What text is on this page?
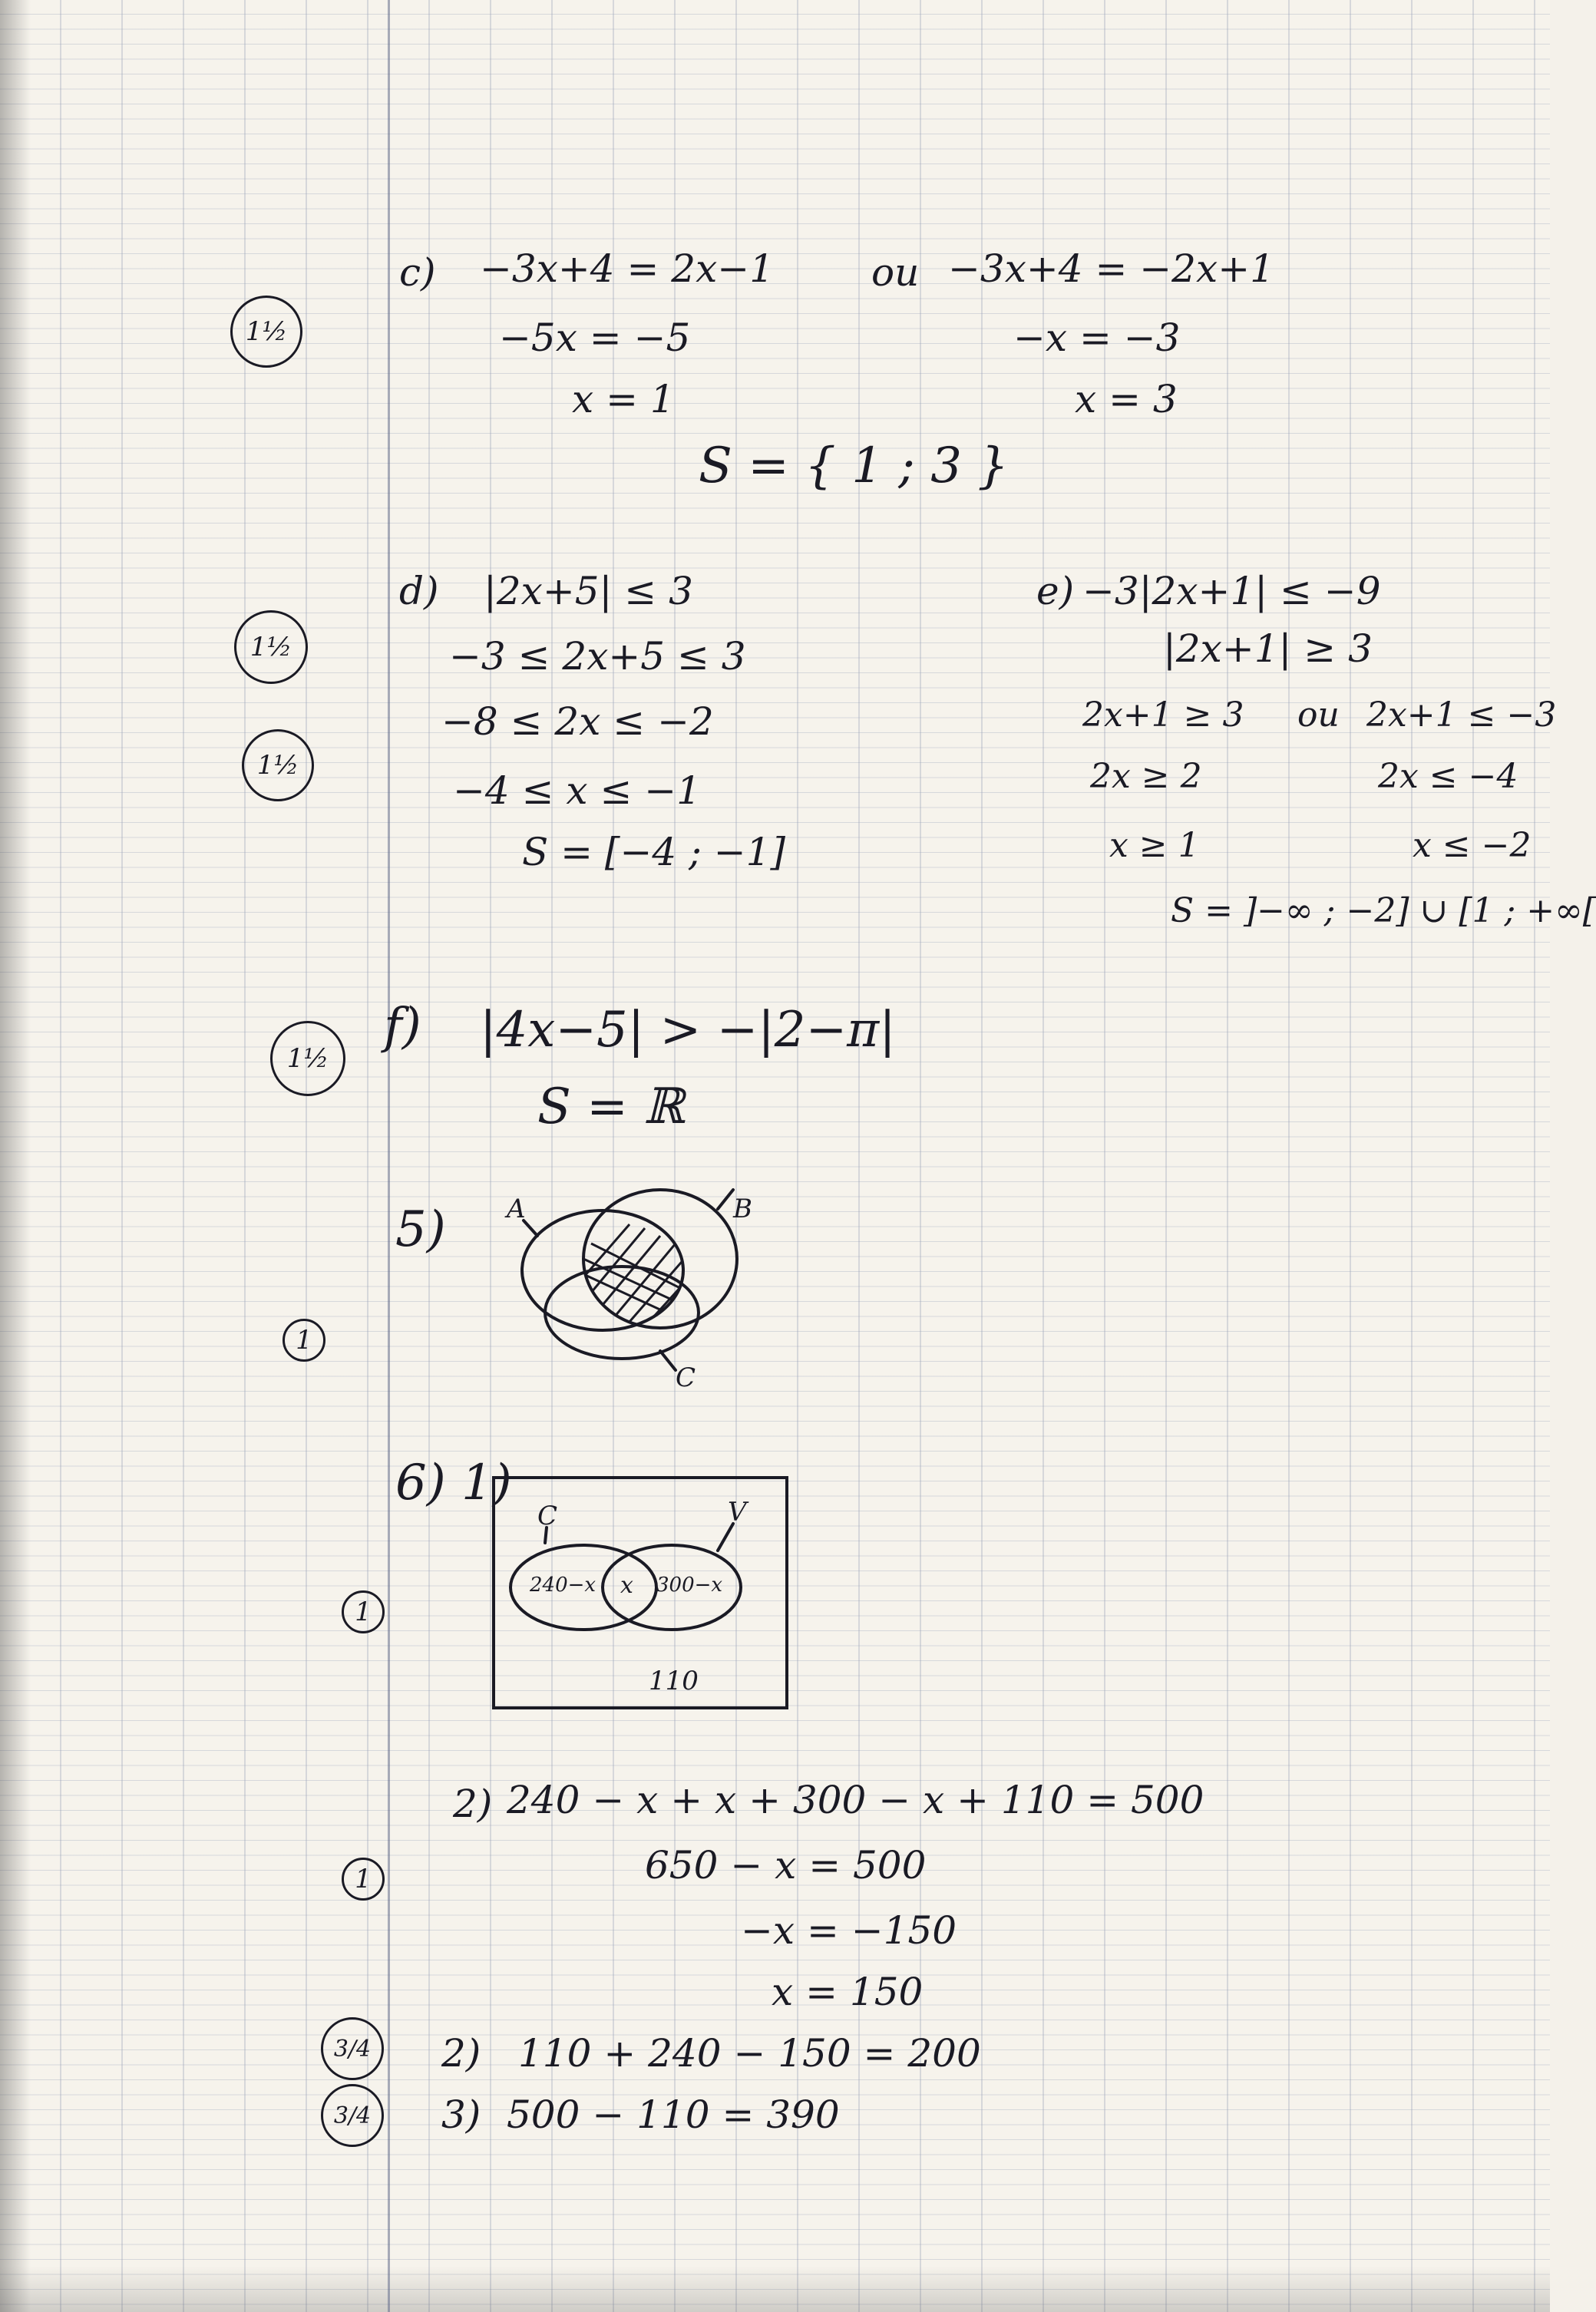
1½
1½
1½
1½
1
1
1
3/4
3/4
c) −3x+4 = 2x−1	ou −3x+4 = −2x+1
−5x = −5	−x = −3
x = 1	x = 3
S = { 1 ; 3 }
d) |2x+5| ≤ 3
−3 ≤ 2x+5 ≤ 3
−8 ≤ 2x ≤ −2
−4 ≤ x ≤ −1
S = [−4 ; −1]
e) −3|2x+1| ≤ −9
|2x+1| ≥ 3
2x+1 ≥ 3 ou 2x+1 ≤ −3
2x ≥ 2	2x ≤ −4
x ≥ 1	x ≤ −2
S = ]−∞ ; −2] ∪ [1 ; +∞[
f) |4x−5| > −|2−π|
S = ℝ
5) A	B
C
6) 1)
C	V
240−x x 300−x
110
2) 240 − x + x + 300 − x + 110 = 500
650 − x = 500
−x = −150
x = 150
2) 110 + 240 − 150 = 200
3) 500 − 110 = 390
